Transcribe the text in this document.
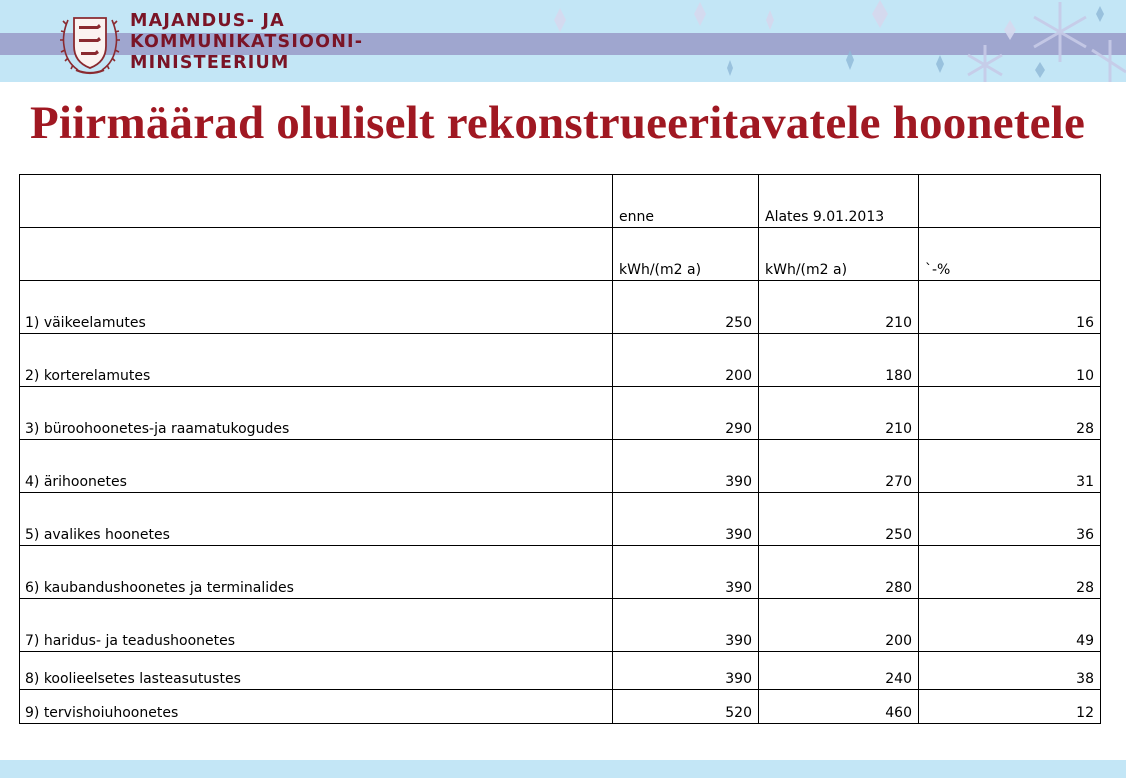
MAJANDUS- JA
KOMMUNIKATSIOONI-
MINISTEERIUM

Piirmäärad oluliselt rekonstrueeritavatele hoonetele
	enne	Alates 9.01.2013	
	kWh/(m2 a)	kWh/(m2 a)	`-%
1) väikeelamutes	250	210	16
2) korterelamutes	200	180	10
3) büroohoonetes-ja raamatukogudes	290	210	28
4) ärihoonetes	390	270	31
5) avalikes hoonetes	390	250	36
6) kaubandushoonetes ja terminalides	390	280	28
7) haridus- ja teadushoonetes	390	200	49
8) koolieelsetes lasteasutustes	390	240	38
9) tervishoiuhoonetes	520	460	12
